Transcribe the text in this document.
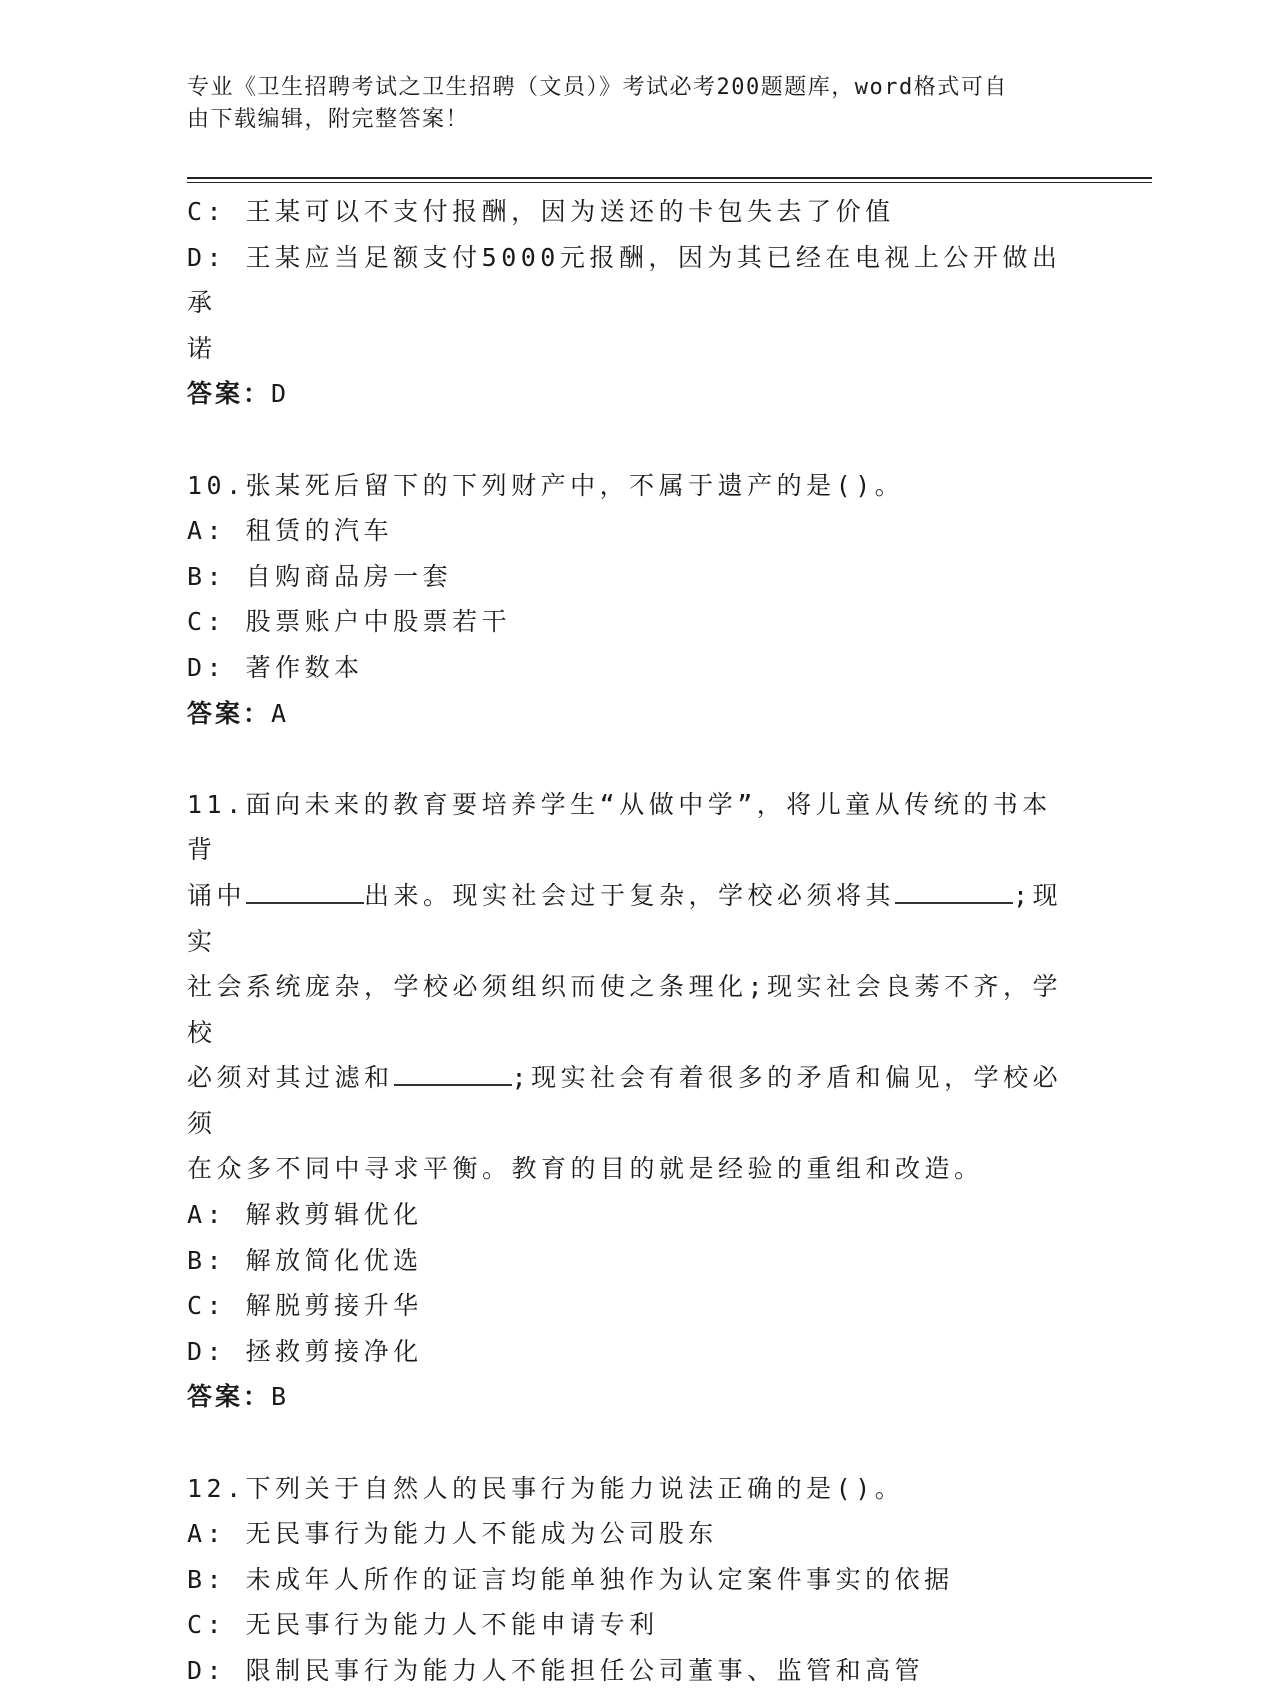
专业《卫生招聘考试之卫生招聘（文员）》考试必考200题题库，word格式可自
由下载编辑，附完整答案！
C: 王某可以不支付报酬，因为送还的卡包失去了价值
D: 王某应当足额支付5000元报酬，因为其已经在电视上公开做出承
诺
答案：D
10.张某死后留下的下列财产中，不属于遗产的是()。
A: 租赁的汽车
B: 自购商品房一套
C: 股票账户中股票若干
D: 著作数本
答案：A
11.面向未来的教育要培养学生“从做中学”，将儿童从传统的书本背
诵中	出来。现实社会过于复杂，学校必须将其	;现实
社会系统庞杂，学校必须组织而使之条理化;现实社会良莠不齐，学校
必须对其过滤和	;现实社会有着很多的矛盾和偏见，学校必须
在众多不同中寻求平衡。教育的目的就是经验的重组和改造。
A: 解救剪辑优化
B: 解放简化优选
C: 解脱剪接升华
D: 拯救剪接净化
答案：B
12.下列关于自然人的民事行为能力说法正确的是()。
A: 无民事行为能力人不能成为公司股东
B: 未成年人所作的证言均能单独作为认定案件事实的依据
C: 无民事行为能力人不能申请专利
D: 限制民事行为能力人不能担任公司董事、监管和高管
